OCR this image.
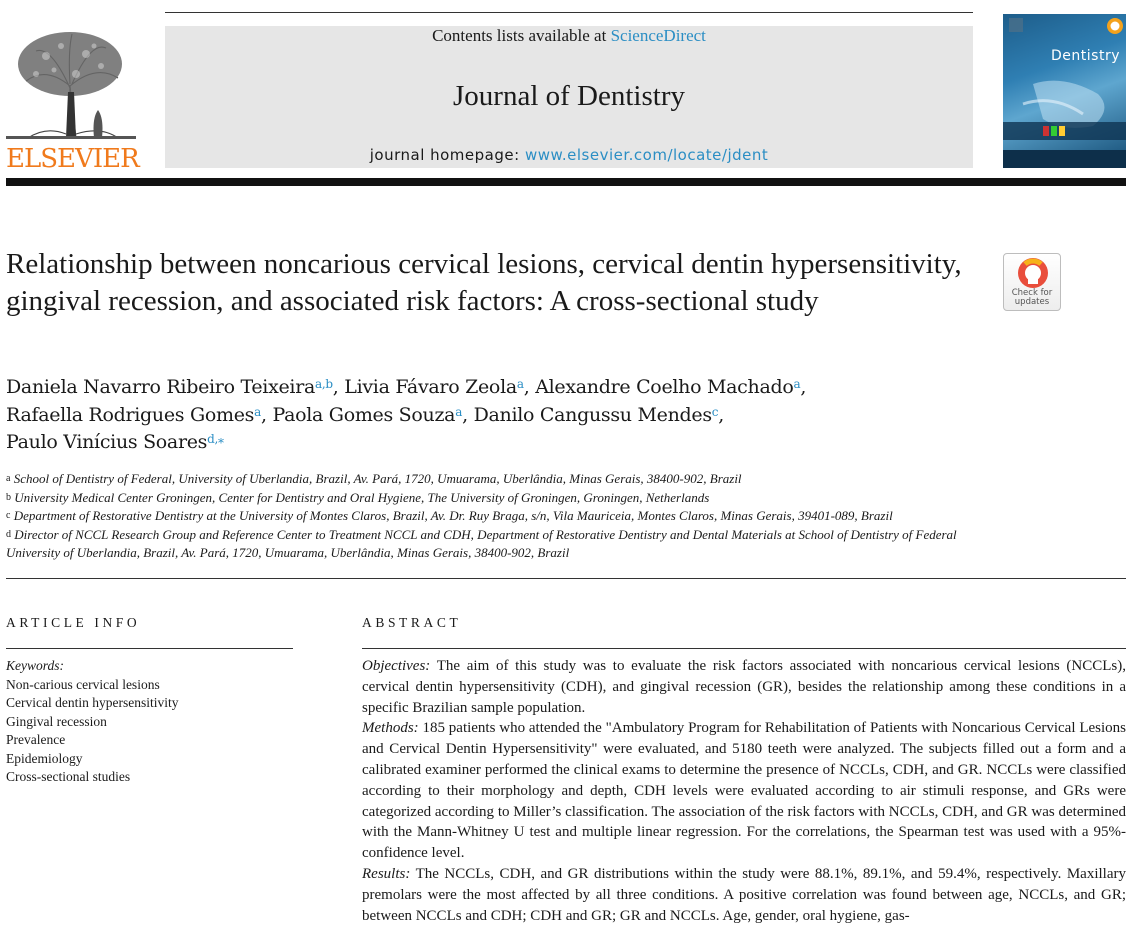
ELSEVIER
Contents lists available at ScienceDirect
Journal of Dentistry
journal homepage: www.elsevier.com/locate/jdent
Dentistry
Relationship between noncarious cervical lesions, cervical dentin hypersensitivity, gingival recession, and associated risk factors: A cross-sectional study	Check for
updates
Daniela Navarro Ribeiro Teixeira$^{a,b}$, Livia Fávaro Zeola$^a$, Alexandre Coelho Machado$^a$,
Rafaella Rodrigues Gomes$^a$, Paola Gomes Souza$^a$, Danilo Cangussu Mendes$^c$,
Paulo Vinícius Soares$^{d,⁎}$
$^a$ School of Dentistry of Federal, University of Uberlandia, Brazil, Av. Pará, 1720, Umuarama, Uberlândia, Minas Gerais, 38400-902, Brazil
$^b$ University Medical Center Groningen, Center for Dentistry and Oral Hygiene, The University of Groningen, Groningen, Netherlands
$^c$ Department of Restorative Dentistry at the University of Montes Claros, Brazil, Av. Dr. Ruy Braga, s/n, Vila Mauriceia, Montes Claros, Minas Gerais, 39401-089, Brazil
$^d$ Director of NCCL Research Group and Reference Center to Treatment NCCL and CDH, Department of Restorative Dentistry and Dental Materials at School of Dentistry of Federal University of Uberlandia, Brazil, Av. Pará, 1720, Umuarama, Uberlândia, Minas Gerais, 38400-902, Brazil
ARTICLE INFO
Keywords:
Non-carious cervical lesions
Cervical dentin hypersensitivity
Gingival recession
Prevalence
Epidemiology
Cross-sectional studies
ABSTRACT

Objectives: The aim of this study was to evaluate the risk factors associated with noncarious cervical lesions (NCCLs), cervical dentin hypersensitivity (CDH), and gingival recession (GR), besides the relationship among these conditions in a specific Brazilian sample population.

Methods: 185 patients who attended the "Ambulatory Program for Rehabilitation of Patients with Noncarious Cervical Lesions and Cervical Dentin Hypersensitivity" were evaluated, and 5180 teeth were analyzed. The subjects filled out a form and a calibrated examiner performed the clinical exams to determine the presence of NCCLs, CDH, and GR. NCCLs were classified according to their morphology and depth, CDH levels were evaluated according to air stimuli response, and GRs were categorized according to Miller’s classification. The association of the risk factors with NCCLs, CDH, and GR was determined with the Mann-Whitney U test and multiple linear regression. For the correlations, the Spearman test was used with a 95%-confidence level.

Results: The NCCLs, CDH, and GR distributions within the study were 88.1%, 89.1%, and 59.4%, respectively. Maxillary premolars were the most affected by all three conditions. A positive correlation was found between age, NCCLs, and GR; between NCCLs and CDH; CDH and GR; GR and NCCLs. Age, gender, oral hygiene, gas-
